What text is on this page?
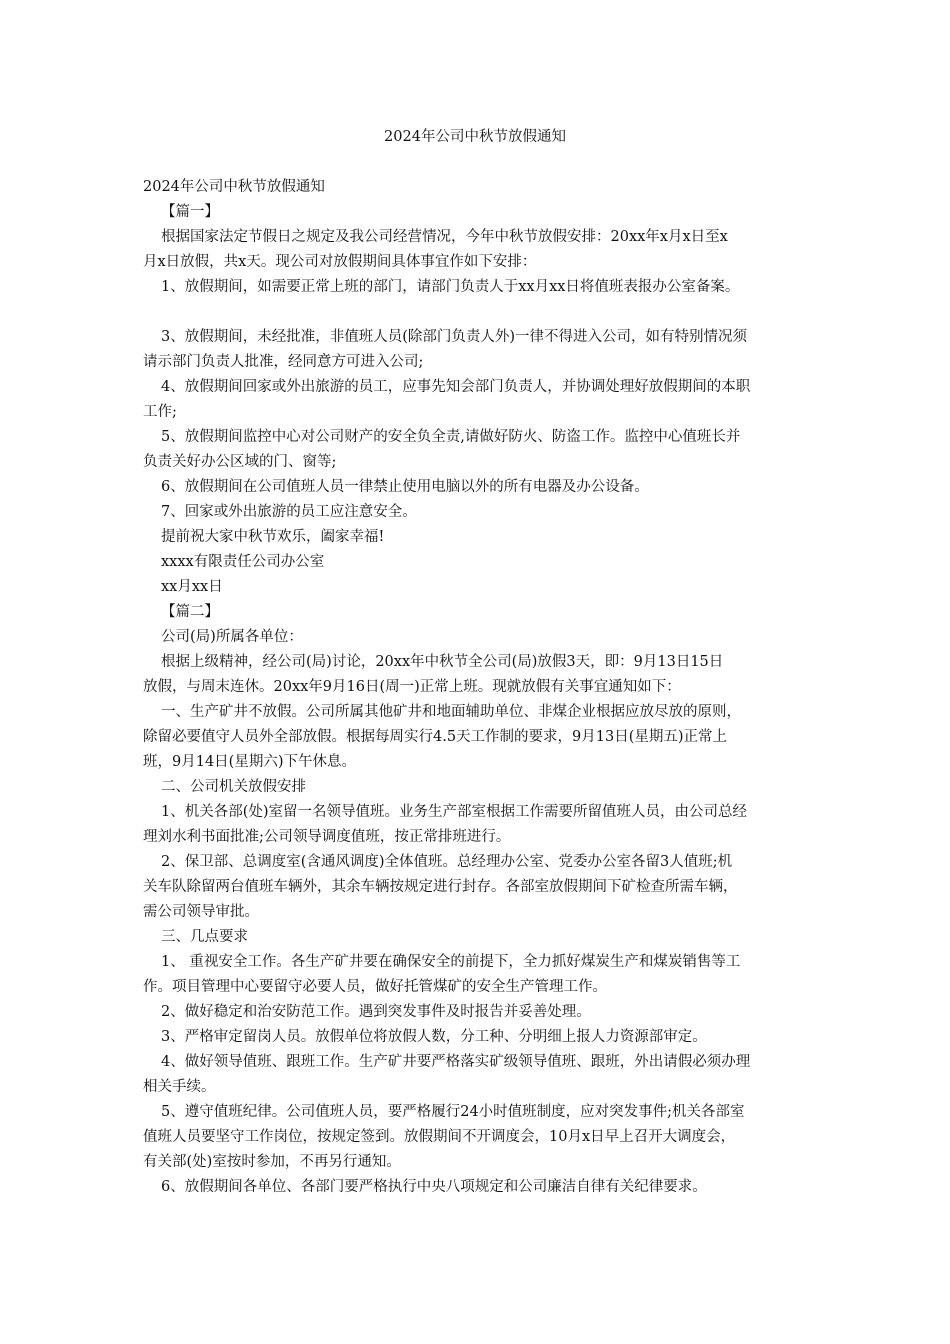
2024年公司中秋节放假通知
2024年公司中秋节放假通知
【篇一】
根据国家法定节假日之规定及我公司经营情况，今年中秋节放假安排：20xx年x月x日至x
月x日放假，共x天。现公司对放假期间具体事宜作如下安排：
1、放假期间，如需要正常上班的部门，请部门负责人于xx月xx日将值班表报办公室备案。
3、放假期间，未经批准，非值班人员(除部门负责人外)一律不得进入公司，如有特别情况须
请示部门负责人批准，经同意方可进入公司;
4、放假期间回家或外出旅游的员工，应事先知会部门负责人，并协调处理好放假期间的本职
工作;
5、放假期间监控中心对公司财产的安全负全责,请做好防火、防盗工作。监控中心值班长并
负责关好办公区域的门、窗等;
6、放假期间在公司值班人员一律禁止使用电脑以外的所有电器及办公设备。
7、回家或外出旅游的员工应注意安全。
提前祝大家中秋节欢乐，阖家幸福!
xxxx有限责任公司办公室
xx月xx日
【篇二】
公司(局)所属各单位：
根据上级精神，经公司(局)讨论，20xx年中秋节全公司(局)放假3天，即：9月13日15日
放假，与周末连休。20xx年9月16日(周一)正常上班。现就放假有关事宜通知如下：
一、生产矿井不放假。公司所属其他矿井和地面辅助单位、非煤企业根据应放尽放的原则，
除留必要值守人员外全部放假。根据每周实行4.5天工作制的要求，9月13日(星期五)正常上
班，9月14日(星期六)下午休息。
二、公司机关放假安排
1、机关各部(处)室留一名领导值班。业务生产部室根据工作需要所留值班人员，由公司总经
理刘水利书面批准;公司领导调度值班，按正常排班进行。
2、保卫部、总调度室(含通风调度)全体值班。总经理办公室、党委办公室各留3人值班;机
关车队除留两台值班车辆外，其余车辆按规定进行封存。各部室放假期间下矿检查所需车辆，
需公司领导审批。
三、几点要求
1、 重视安全工作。各生产矿井要在确保安全的前提下，全力抓好煤炭生产和煤炭销售等工
作。项目管理中心要留守必要人员，做好托管煤矿的安全生产管理工作。
2、做好稳定和治安防范工作。遇到突发事件及时报告并妥善处理。
3、严格审定留岗人员。放假单位将放假人数，分工种、分明细上报人力资源部审定。
4、做好领导值班、跟班工作。生产矿井要严格落实矿级领导值班、跟班，外出请假必须办理
相关手续。
5、遵守值班纪律。公司值班人员，要严格履行24小时值班制度，应对突发事件;机关各部室
值班人员要坚守工作岗位，按规定签到。放假期间不开调度会，10月x日早上召开大调度会，
有关部(处)室按时参加，不再另行通知。
6、放假期间各单位、各部门要严格执行中央八项规定和公司廉洁自律有关纪律要求。
